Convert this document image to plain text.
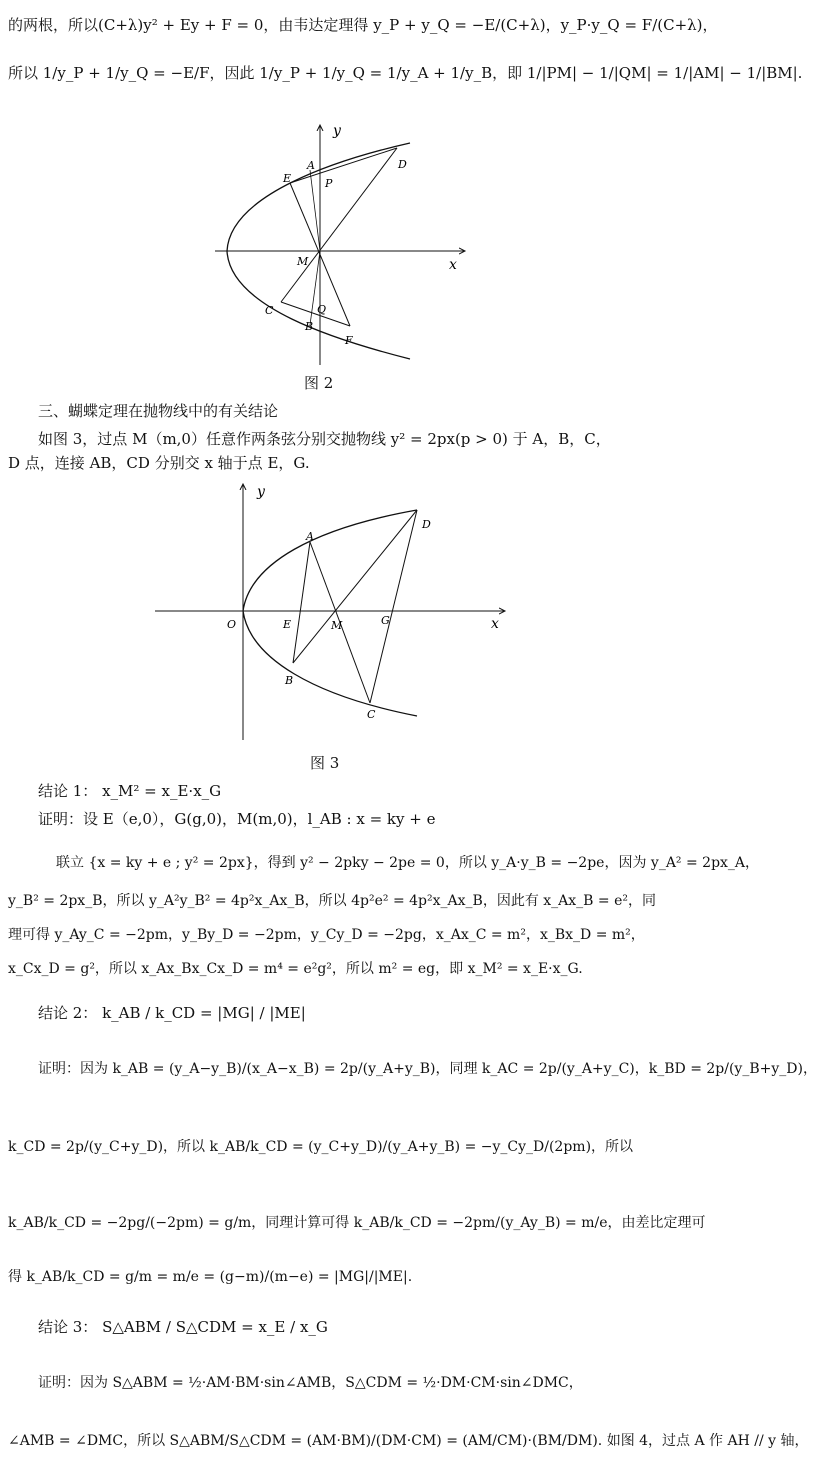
的两根，所以(C+λ)y² + Ey + F = 0，由韦达定理得 y_P + y_Q = −E/(C+λ)，y_P·y_Q = F/(C+λ)，
所以 1/y_P + 1/y_Q = −E/F，因此 1/y_P + 1/y_Q = 1/y_A + 1/y_B，即 1/|PM| − 1/|QM| = 1/|AM| − 1/|BM|.
y
x
A
E	P
D
M
C	Q
B
F
图 2
三、蝴蝶定理在抛物线中的有关结论
如图 3，过点 M（m,0）任意作两条弦分别交抛物线 y² = 2px(p > 0) 于 A，B，C，
D 点，连接 AB，CD 分别交 x 轴于点 E，G.
y
x
O
A
D
E	M	G
B
C
图 3
结论 1： x_M² = x_E·x_G
证明：设 E（e,0），G(g,0)，M(m,0)，l_AB : x = ky + e
联立 {x = ky + e ; y² = 2px}，得到 y² − 2pky − 2pe = 0，所以 y_A·y_B = −2pe，因为 y_A² = 2px_A，
y_B² = 2px_B，所以 y_A²y_B² = 4p²x_Ax_B，所以 4p²e² = 4p²x_Ax_B，因此有 x_Ax_B = e²，同
理可得 y_Ay_C = −2pm，y_By_D = −2pm，y_Cy_D = −2pg，x_Ax_C = m²，x_Bx_D = m²，
x_Cx_D = g²，所以 x_Ax_Bx_Cx_D = m⁴ = e²g²，所以 m² = eg，即 x_M² = x_E·x_G.
结论 2： k_AB / k_CD = |MG| / |ME|
证明：因为 k_AB = (y_A−y_B)/(x_A−x_B) = 2p/(y_A+y_B)，同理 k_AC = 2p/(y_A+y_C)，k_BD = 2p/(y_B+y_D)，
k_CD = 2p/(y_C+y_D)，所以 k_AB/k_CD = (y_C+y_D)/(y_A+y_B) = −y_Cy_D/(2pm)，所以
k_AB/k_CD = −2pg/(−2pm) = g/m，同理计算可得 k_AB/k_CD = −2pm/(y_Ay_B) = m/e，由差比定理可
得 k_AB/k_CD = g/m = m/e = (g−m)/(m−e) = |MG|/|ME|.
结论 3： S△ABM / S△CDM = x_E / x_G
证明：因为 S△ABM = ½·AM·BM·sin∠AMB，S△CDM = ½·DM·CM·sin∠DMC，
∠AMB = ∠DMC，所以 S△ABM/S△CDM = (AM·BM)/(DM·CM) = (AM/CM)·(BM/DM). 如图 4，过点 A 作 AH // y 轴，
